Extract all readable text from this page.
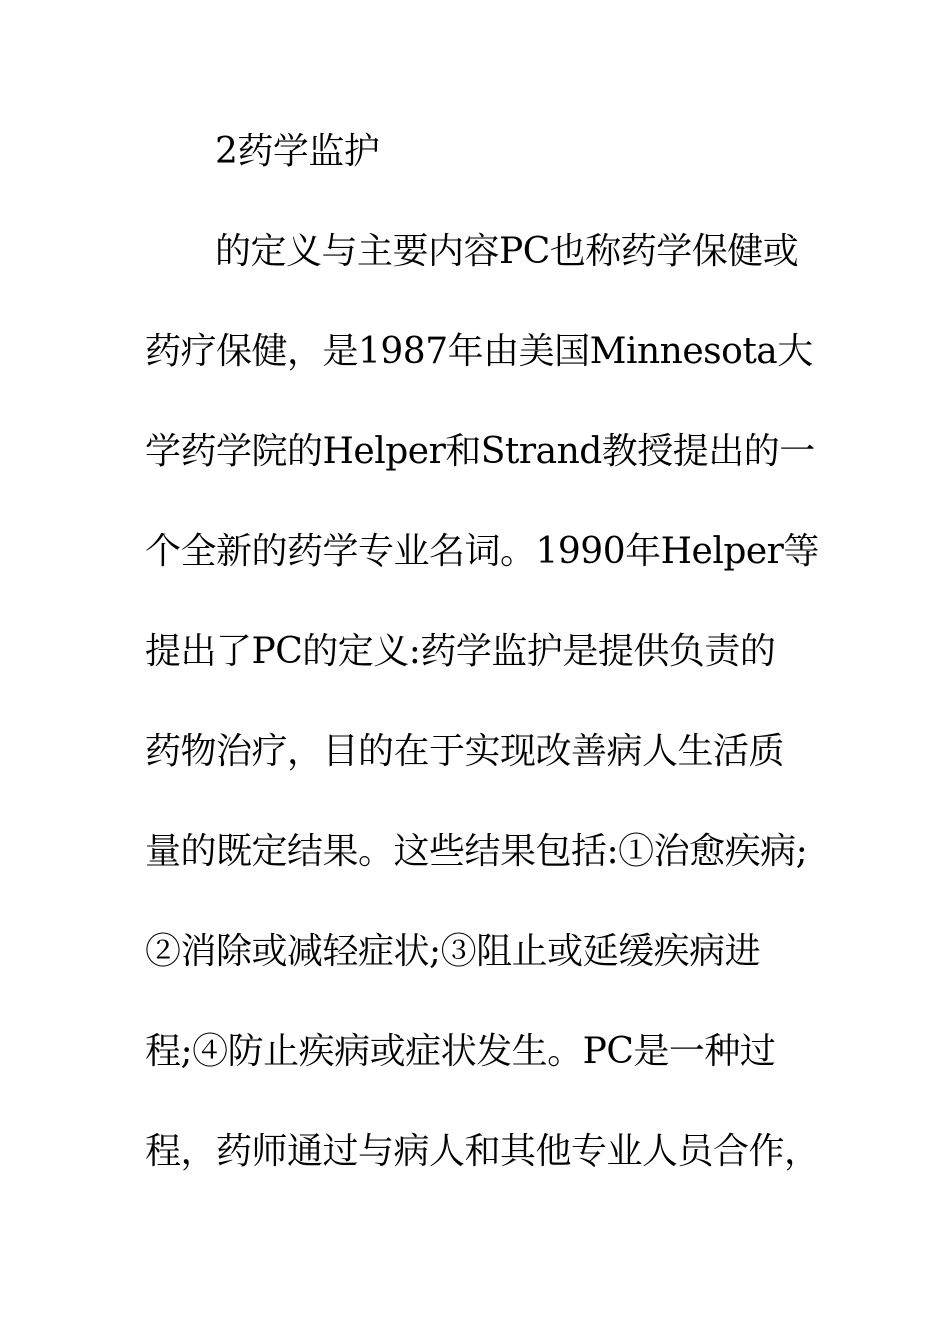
2药学监护

的定义与主要内容PC也称药学保健或

药疗保健，是1987年由美国Minnesota大

学药学院的Helper和Strand教授提出的一

个全新的药学专业名词。1990年Helper等

提出了PC的定义:药学监护是提供负责的

药物治疗，目的在于实现改善病人生活质

量的既定结果。这些结果包括:①治愈疾病;

②消除或减轻症状;③阻止或延缓疾病进

程;④防止疾病或症状发生。PC是一种过

程，药师通过与病人和其他专业人员合作，
